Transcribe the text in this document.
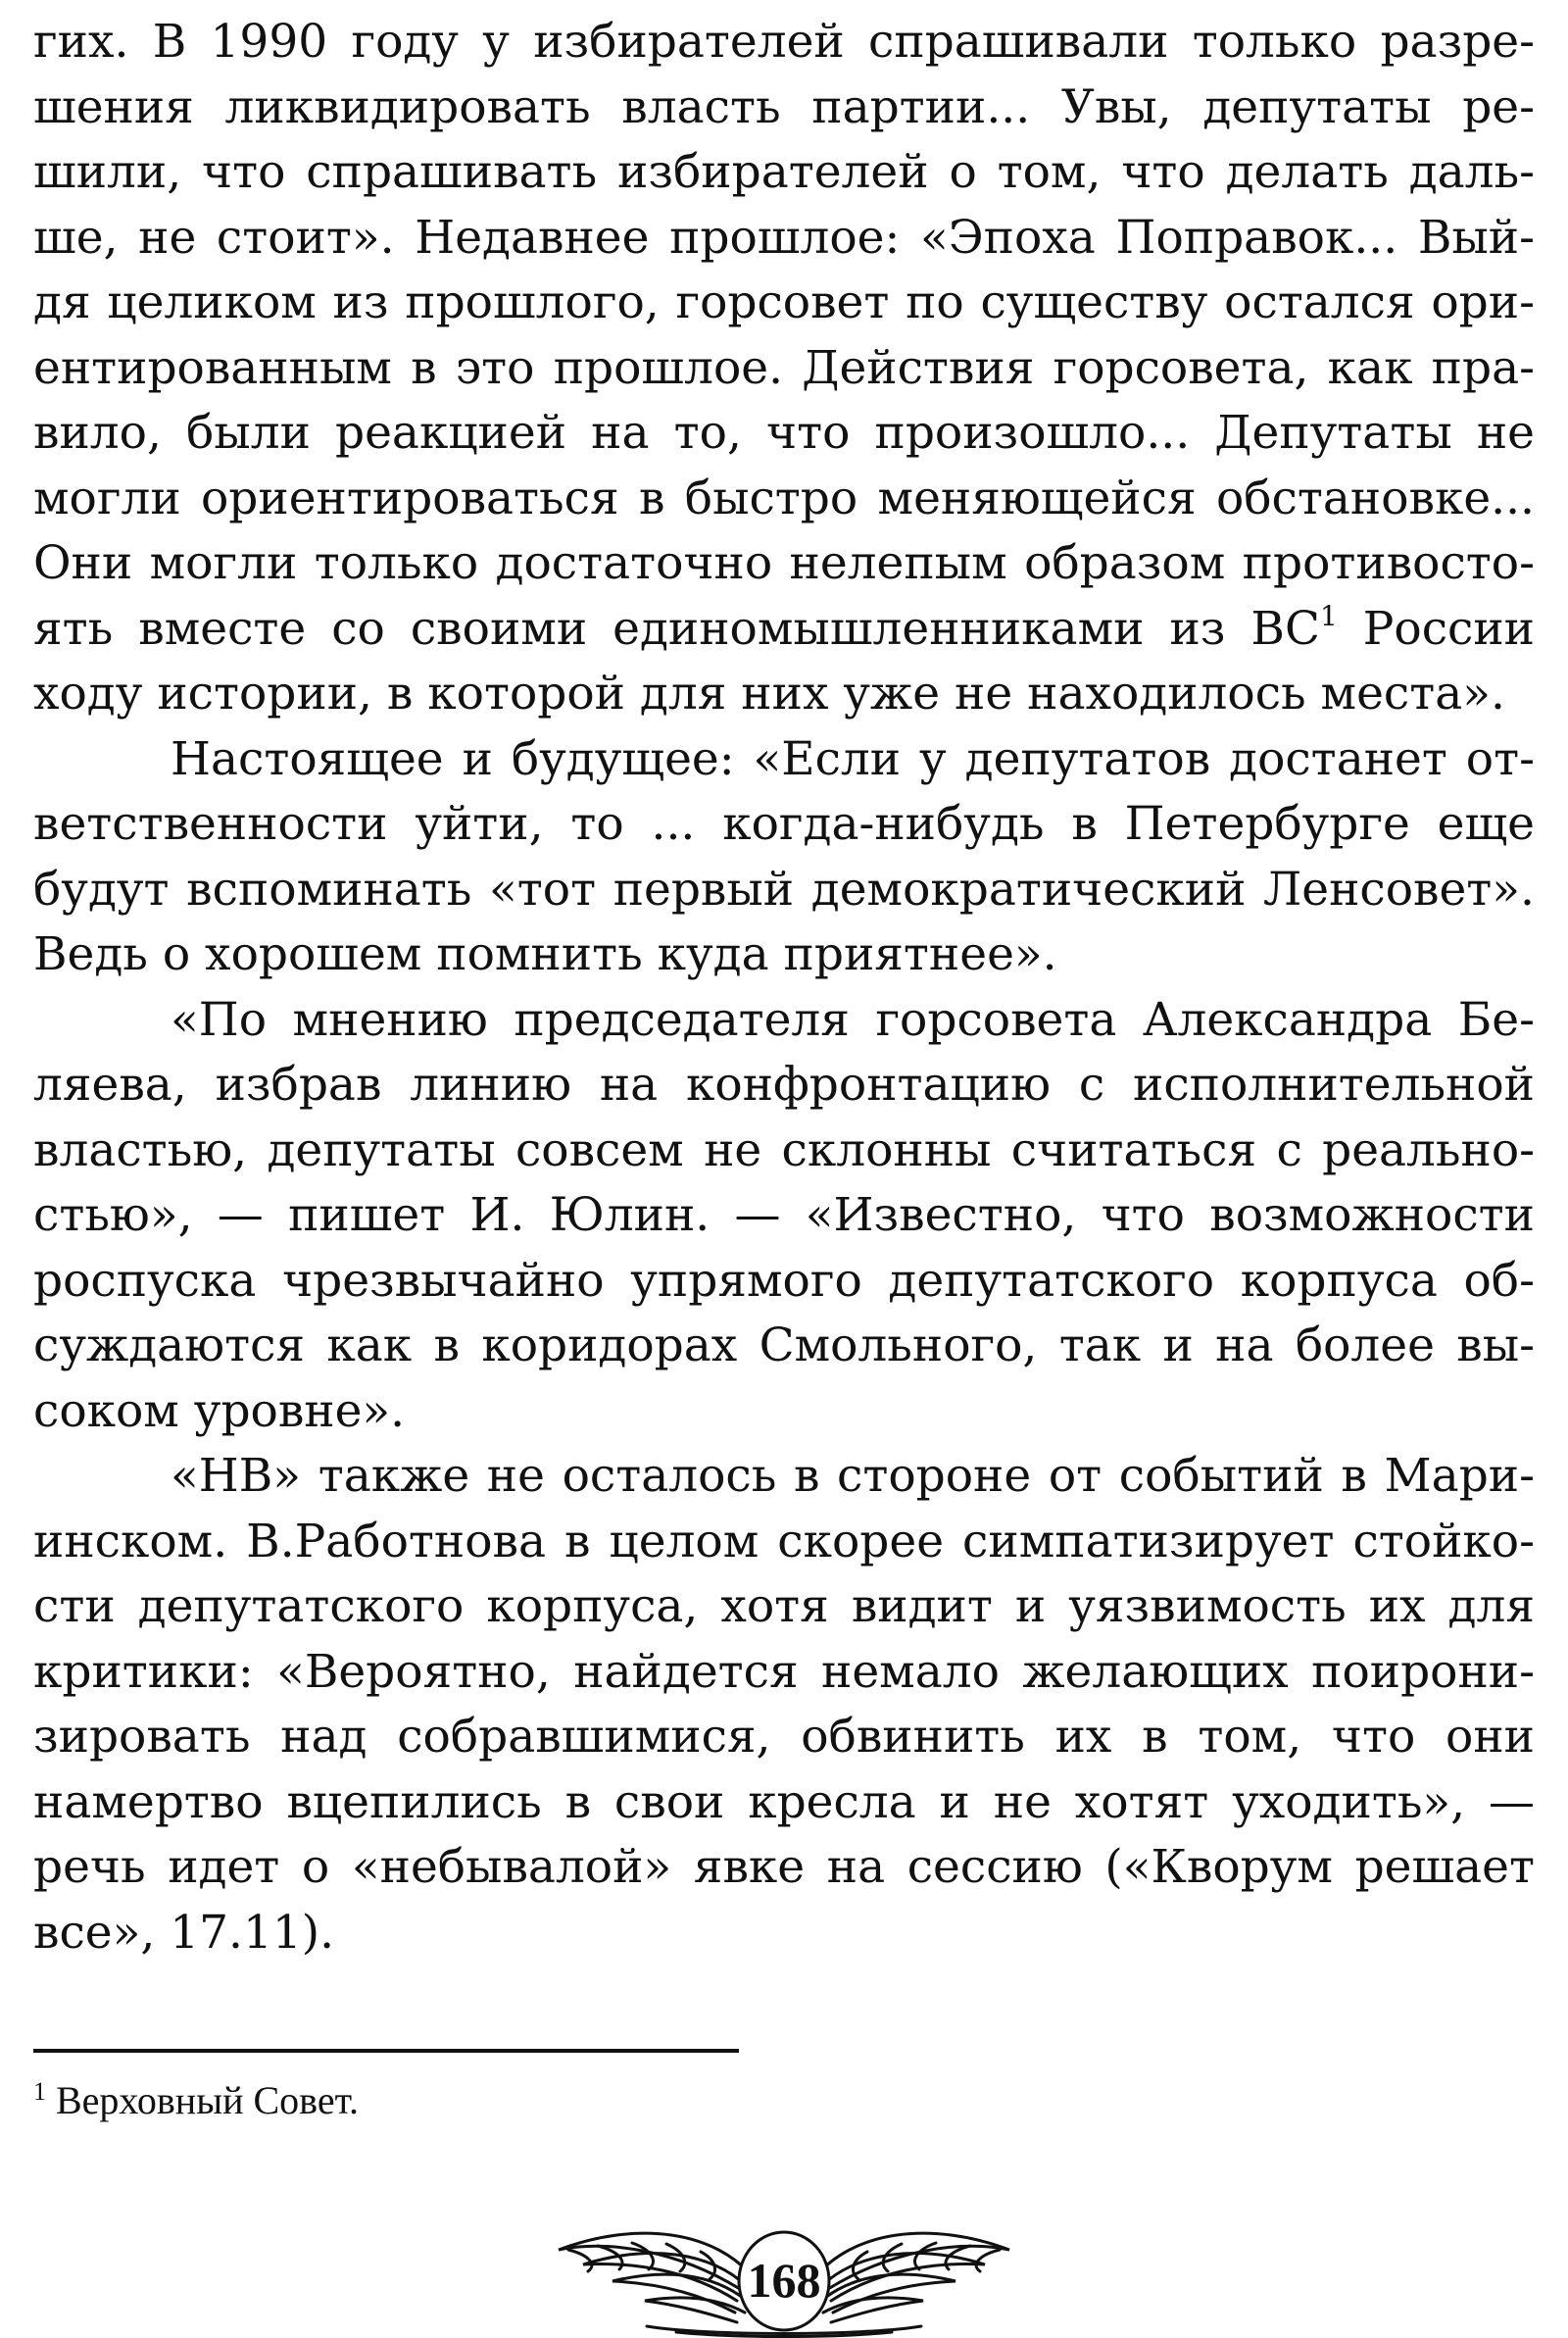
гих. В 1990 году у избирателей спрашивали только разрешения ликвидировать власть партии... Увы, депутаты решили, что спрашивать избирателей о том, что делать дальше, не стоит». Недавнее прошлое: «Эпоха Поправок... Выйдя целиком из прошлого, горсовет по существу остался ориентированным в это прошлое. Действия горсовета, как правило, были реакцией на то, что произошло... Депутаты не могли ориентироваться в быстро меняющейся обстановке... Они могли только достаточно нелепым образом противостоять вместе со своими единомышленниками из ВС$^1$ России ходу истории, в которой для них уже не находилось места».

Настоящее и будущее: «Если у депутатов достанет ответственности уйти, то ... когда-нибудь в Петербурге еще будут вспоминать «тот первый демократический Ленсовет». Ведь о хорошем помнить куда приятнее».

«По мнению председателя горсовета Александра Беляева, избрав линию на конфронтацию с исполнительной властью, депутаты совсем не склонны считаться с реальностью», — пишет И. Юлин. — «Известно, что возможности роспуска чрезвычайно упрямого депутатского корпуса обсуждаются как в коридорах Смольного, так и на более высоком уровне».

«НВ» также не осталось в стороне от событий в Мариинском. В.Работнова в целом скорее симпатизирует стойкости депутатского корпуса, хотя видит и уязвимость их для критики: «Вероятно, найдется немало желающих поиронизировать над собравшимися, обвинить их в том, что они намертво вцепились в свои кресла и не хотят уходить», — речь идет о «небывалой» явке на сессию («Кворум решает все», 17.11).

$^1$ Верховный Совет.
168
